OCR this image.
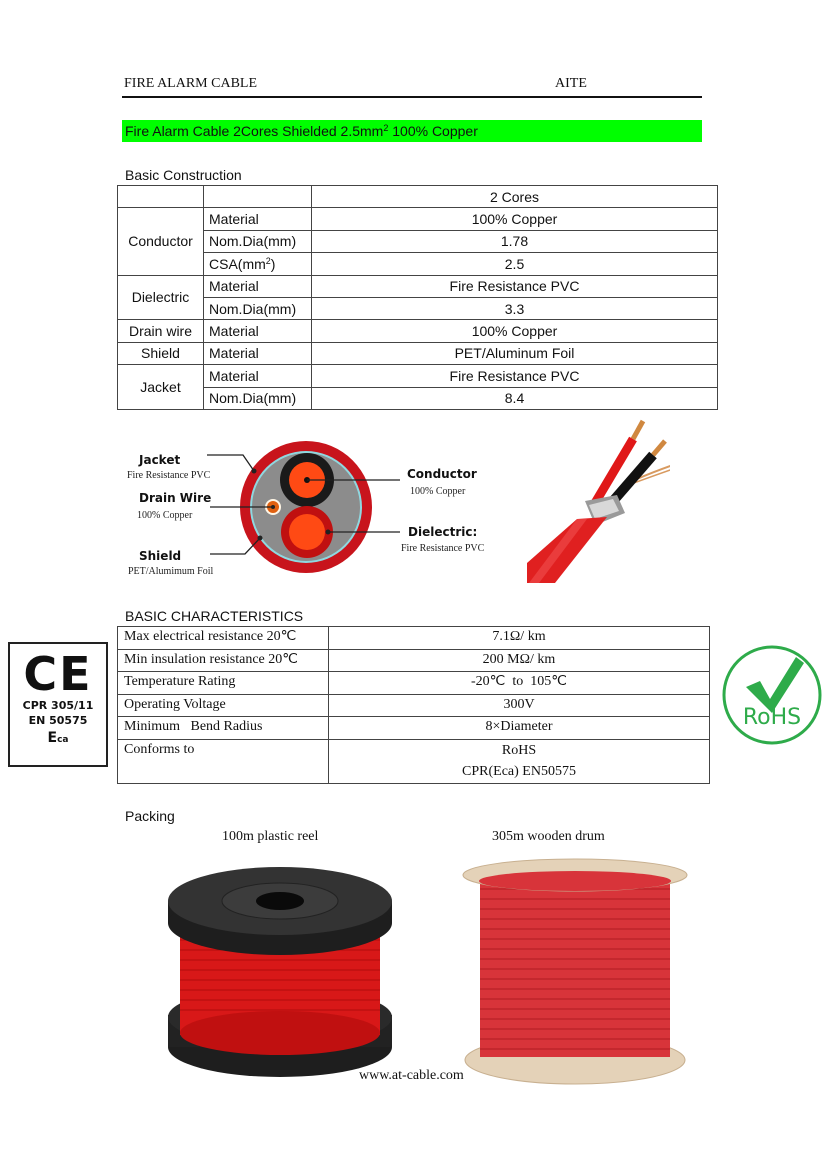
FIRE ALARM CABLE	AITE
Fire Alarm Cable 2Cores Shielded $2.5mm^2$ 100% Copper
Basic Construction
		2 Cores
Conductor	Material	100% Copper
	Nom.Dia(mm)	1.78
	$CSA(mm^2)$	2.5
Dielectric	Material	Fire Resistance PVC
	Nom.Dia(mm)	3.3
Drain wire	Material	100% Copper
Shield	Material	PET/Aluminum Foil
Jacket	Material	Fire Resistance PVC
	Nom.Dia(mm)	8.4
Jacket
Fire Resistance PVC
Drain Wire
100% Copper
Shield
PET/Alumimum Foil
Conductor
100% Copper
Dielectric:
Fire Resistance PVC
BASIC CHARACTERISTICS
Max electrical resistance 20℃	7.1Ω/ km
Min insulation resistance 20℃	200 MΩ/ km
Temperature Rating	-20℃  to  105℃
Operating Voltage	300V
Minimum   Bend Radius	8×Diameter
Conforms to	RoHS
CPR(Eca) EN50575
CE
CPR 305/11
EN 50575
Eca
RoHS
Packing
100m plastic reel	305m wooden drum
www.at-cable.com
